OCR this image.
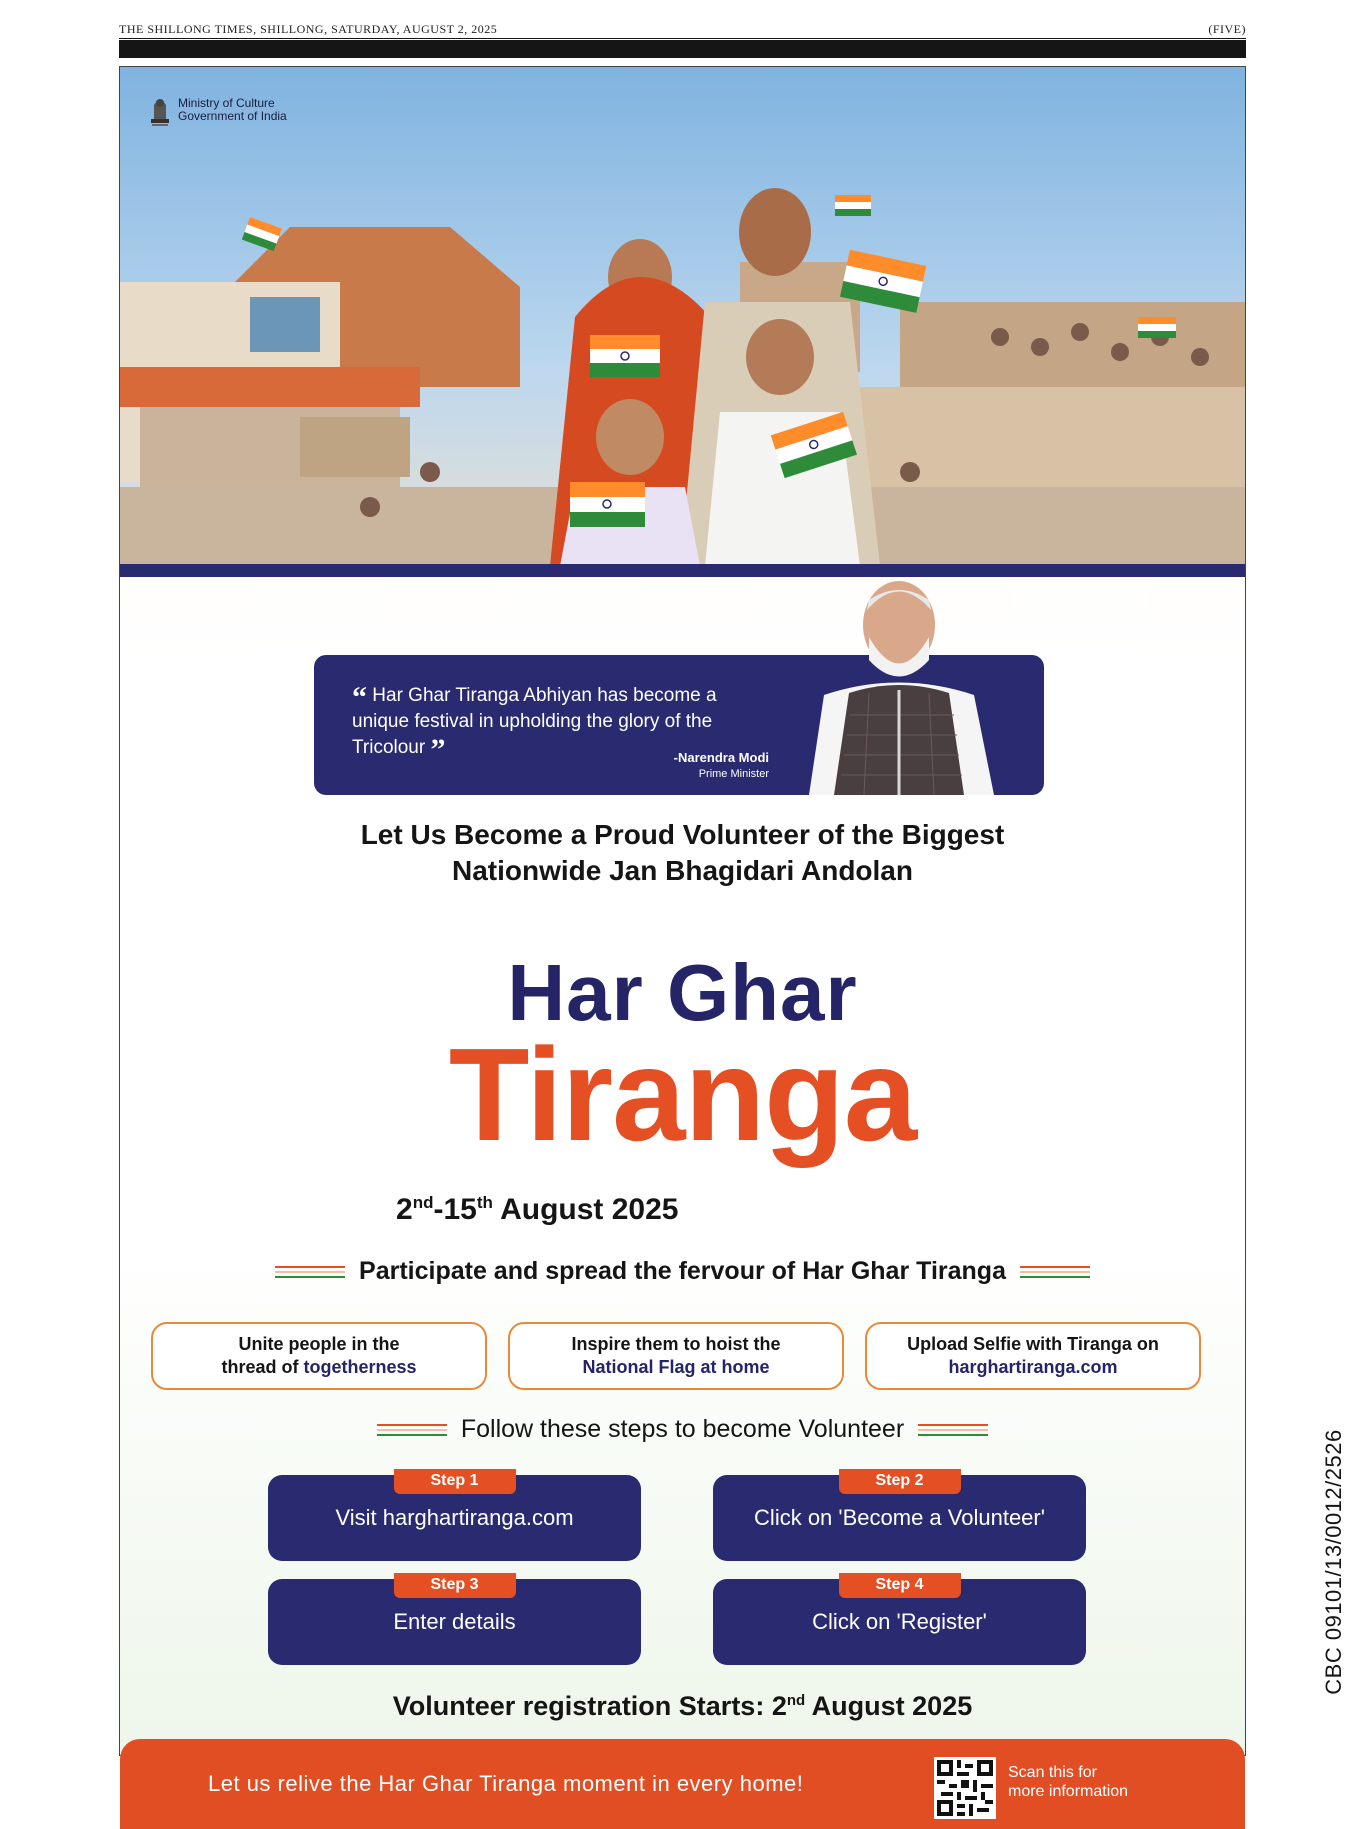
THE SHILLONG TIMES, SHILLONG, SATURDAY, AUGUST 2, 2025	(FIVE)
Ministry of Culture
Government of India
“ Har Ghar Tiranga Abhiyan has become a unique festival in upholding the glory of the Tricolour ”	-Narendra Modi
Prime Minister
Let Us Become a Proud Volunteer of the Biggest
Nationwide Jan Bhagidari Andolan
Har Ghar
Tiranga
2nd-15th August 2025
Participate and spread the fervour of Har Ghar Tiranga
Unite people in the
thread of togetherness
Inspire them to hoist the
National Flag at home
Upload Selfie with Tiranga on
harghartiranga.com
Follow these steps to become Volunteer
Step 1
Visit harghartiranga.com
Step 2
Click on 'Become a Volunteer'
Step 3
Enter details
Step 4
Click on 'Register'
Volunteer registration Starts: 2nd August 2025
CBC 09101/13/0012/2526
Let us relive the Har Ghar Tiranga moment in every home!	Scan this for
more information
